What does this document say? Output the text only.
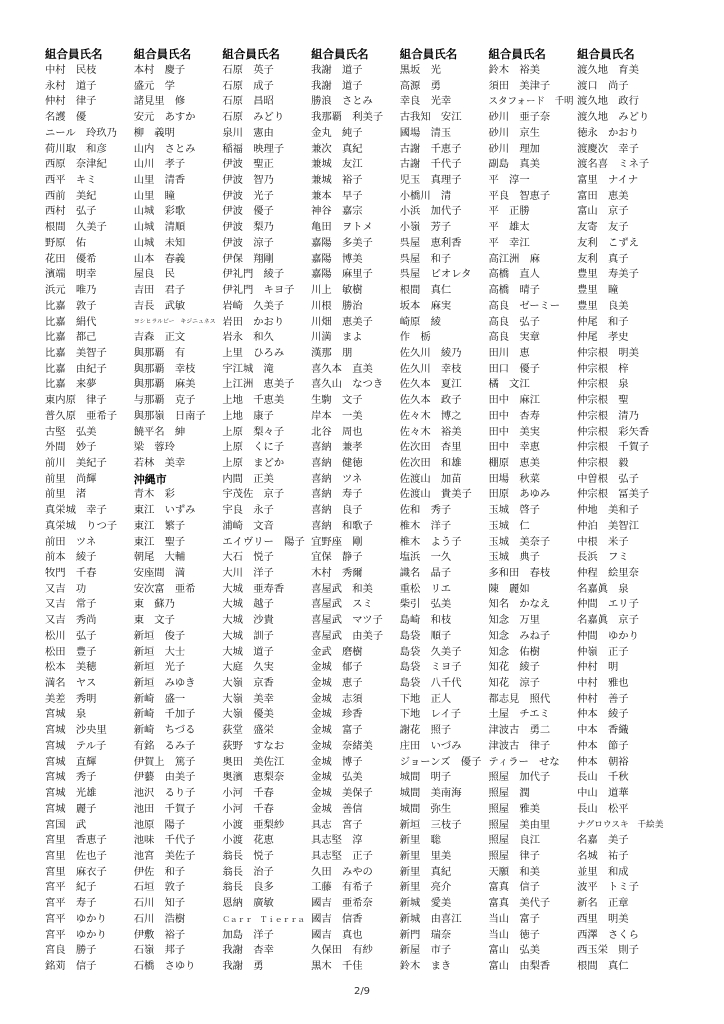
組合員氏名
中村　民枝
永村　道子
仲村　律子
名護　優
ニール　玲玖乃
荷川取　和彦
西原　奈津紀
西平　キミ
西前　美紀
西村　弘子
根間　久美子
野原　佑
花田　優希
濱端　明幸
浜元　唯乃
比嘉　敦子
比嘉　絹代
比嘉　都己
比嘉　美智子
比嘉　由紀子
比嘉　来夢
東内原　律子
普久原　亜希子
古堅　弘美
外間　妙子
前川　美紀子
前里　尚輝
前里　渚
真栄城　幸子
真栄城　りつ子
前田　ツネ
前本　綾子
牧門　千春
又吉　功
又吉　常子
又吉　秀尚
松川　弘子
松田　豊子
松本　美穂
満名　ヤス
美差　秀明
宮城　泉
宮城　沙央里
宮城　テル子
宮城　直輝
宮城　秀子
宮城　光雄
宮城　麗子
宮国　武
宮里　香恵子
宮里　佐也子
宮里　麻衣子
宮平　紀子
宮平　寿子
宮平　ゆかり
宮平　ゆかり
宮良　勝子
銘苅　信子
組合員氏名
本村　慶子
盛元　学
諸見里　修
安元　あすか
柳　義明
山内　さとみ
山川　孝子
山里　清香
山里　瞳
山城　彩歌
山城　清順
山城　未知
山本　春義
屋良　民
吉田　君子
吉長　武敏
ヨシヒラルビー　キジニュネス
吉森　正文
與那覇　有
與那覇　幸枝
與那覇　麻美
与那覇　克子
與那嶺　日南子
饒平名　紳
梁　蓉玲
若林　美幸
沖縄市
青木　彩
東江　いずみ
東江　繁子
東江　聖子
朝尾　大輔
安座間　満
安次富　亜希
東　蘇乃
東　文子
新垣　俊子
新垣　大士
新垣　光子
新垣　みゆき
新崎　盛一
新崎　千加子
新崎　ちづる
有銘　るみ子
伊賀上　篤子
伊藝　由美子
池沢　るり子
池田　千賀子
池原　陽子
池味　千代子
池宮　美佐子
伊佐　和子
石垣　敦子
石川　知子
石川　浩樹
伊敷　裕子
石嶺　邦子
石橋　さゆり
組合員氏名
石原　英子
石原　成子
石原　昌昭
石原　みどり
泉川　憲由
稲福　映理子
伊波　聖正
伊波　智乃
伊波　光子
伊波　優子
伊波　梨乃
伊波　涼子
伊保　翔剛
伊礼門　綾子
伊礼門　キヨ子
岩崎　久美子
岩田　かおり
岩永　和久
上里　ひろみ
宇江城　滝
上江洲　恵美子
上地　千恵美
上地　康子
上原　梨々子
上原　くに子
上原　まどか
内間　正美
宇茂佐　京子
宇良　永子
浦崎　文音
エイヴリー　陽子
大石　悦子
大川　洋子
大城　亜寿香
大城　越子
大城　沙貴
大城　訓子
大城　道子
大庭　久実
大嶺　京香
大嶺　美幸
大嶺　優美
荻堂　盛栄
荻野　すなお
奥田　美佐江
奥濱　恵梨奈
小河　千春
小河　千春
小渡　亜梨紗
小渡　花恵
翁長　悦子
翁長　治子
翁長　良多
恩納　廣敏
Ｃａｒｒ　Ｔｉｅｒｒａ
加島　洋子
我謝　杏幸
我謝　勇
組合員氏名
我謝　道子
我謝　道子
勝浪　さとみ
我那覇　利美子
金丸　純子
兼次　真紀
兼城　友江
兼城　裕子
兼本　早子
神谷　嘉宗
亀田　ヲトメ
嘉陽　多美子
嘉陽　博美
嘉陽　麻里子
川上　敏樹
川根　勝治
川畑　恵美子
川満　まよ
漢那　朋
喜久本　直美
喜久山　なつき
生駒　文子
岸本　一美
北谷　周也
喜納　兼孝
喜納　健徳
喜納　ツネ
喜納　寿子
喜納　良子
喜納　和歌子
宜野座　剛
宜保　静子
木村　秀爾
喜屋武　和美
喜屋武　スミ
喜屋武　マツ子
喜屋武　由美子
金武　磨樹
金城　郁子
金城　恵子
金城　志須
金城　珍香
金城　富子
金城　奈緒美
金城　博子
金城　弘美
金城　美保子
金城　善信
具志　宮子
具志堅　淳
具志堅　正子
久田　みやの
工藤　有希子
國吉　亜希奈
國吉　信香
國吉　真也
久保田　有紗
黒木　千佳
組合員氏名
黒坂　光
高源　勇
幸良　光幸
古我知　安江
國場　清玉
古謝　千恵子
古謝　千代子
児玉　真理子
小橋川　清
小浜　加代子
小嶺　芳子
呉屋　恵利香
呉屋　和子
呉屋　ビオレタ
根間　真仁
坂本　麻実
崎原　綾
作　栃
佐久川　綾乃
佐久川　幸枝
佐久本　夏江
佐久本　政子
佐々木　博之
佐々木　裕美
佐次田　杏里
佐次田　和雄
佐渡山　加苗
佐渡山　貴美子
佐和　秀子
椎木　洋子
椎木　よう子
塩浜　一久
識名　晶子
重松　リエ
柴引　弘美
島崎　和枝
島袋　順子
島袋　久美子
島袋　ミヨ子
島袋　八千代
下地　正人
下地　レイ子
謝花　照子
庄田　いづみ
ジョーンズ　優子
城間　明子
城間　美南海
城間　弥生
新垣　三枝子
新里　聡
新里　里美
新里　真紀
新里　亮介
新城　愛美
新城　由喜江
新門　瑞奈
新屋　市子
鈴木　まき
組合員氏名
鈴木　裕美
須田　美津子
スタフォード　千明
砂川　亜子奈
砂川　京生
砂川　理加
副島　真美
平　淳一
平良　智恵子
平　正勝
平　雄太
平　幸江
高江洲　麻
高橋　直人
高橋　晴子
高良　ゼーミー
高良　弘子
高良　実章
田川　恵
田口　優子
橘　文江
田中　麻江
田中　杏寿
田中　美実
田中　幸恵
棚原　恵美
田場　秋菜
田原　あゆみ
玉城　啓子
玉城　仁
玉城　美奈子
玉城　典子
多和田　春枝
陳　麗如
知名　かなえ
知念　万里
知念　みね子
知念　佑樹
知花　綾子
知花　涼子
都志見　照代
土屋　チエミ
津波古　勇二
津波古　律子
ティラー　せな
照屋　加代子
照屋　潤
照屋　雅美
照屋　美由里
照屋　良江
照屋　律子
天願　和美
富真　信子
富真　美代子
当山　富子
当山　徳子
富山　弘美
富山　由梨香
組合員氏名
渡久地　育美
渡口　尚子
渡久地　政行
渡久地　みどり
徳永　かおり
渡慶次　幸子
渡名喜　ミネ子
富里　ナイナ
富田　恵美
富山　京子
友寄　友子
友利　こずえ
友利　真子
豊里　寿美子
豊里　瞳
豊里　良美
仲尾　和子
仲尾　孝史
仲宗根　明美
仲宗根　梓
仲宗根　泉
仲宗根　聖
仲宗根　清乃
仲宗根　彩矢香
仲宗根　千賀子
仲宗根　毅
中曽根　弘子
仲宗根　冨美子
仲地　美和子
仲泊　美智江
中根　米子
長浜　フミ
仲程　絵里奈
名嘉眞　泉
仲間　エリ子
名嘉眞　京子
仲間　ゆかり
仲嶺　正子
仲村　明
中村　雅也
仲村　善子
仲本　綾子
中本　香織
仲本　節子
仲本　朝裕
長山　千秋
中山　道華
長山　松平
ナグロウスキ　千絵美
名嘉　美子
名城　祐子
並里　和成
波平　トミ子
新名　正章
西里　明美
西澤　さくら
西玉栄　則子
根間　真仁
2/9
